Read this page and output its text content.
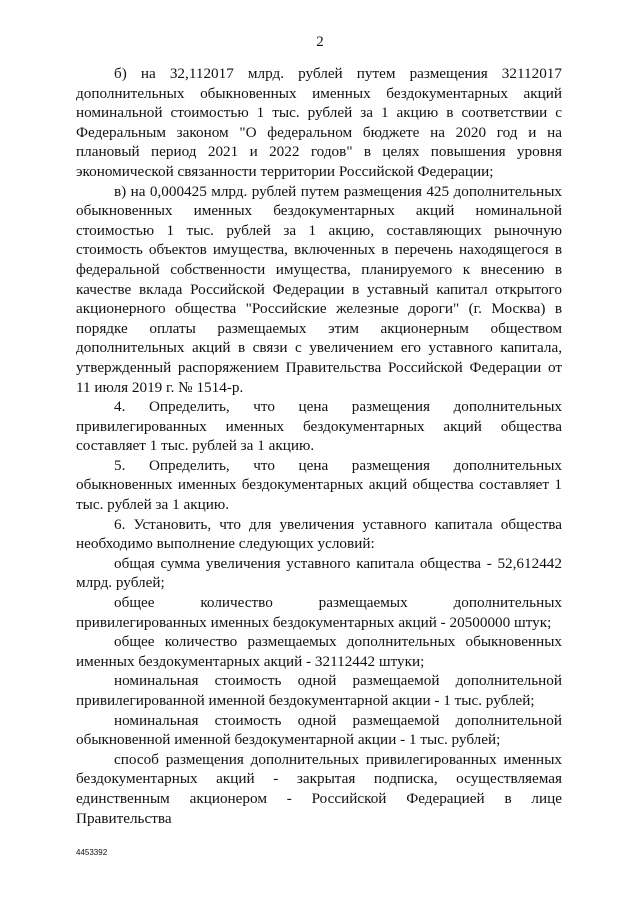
2

б) на 32,112017 млрд. рублей путем размещения 32112017 дополнительных обыкновенных именных бездокументарных акций номинальной стоимостью 1 тыс. рублей за 1 акцию в соответствии с Федеральным законом "О федеральном бюджете на 2020 год и на плановый период 2021 и 2022 годов" в целях повышения уровня экономической связанности территории Российской Федерации;

в) на 0,000425 млрд. рублей путем размещения 425 дополнительных обыкновенных именных бездокументарных акций номинальной стоимостью 1 тыс. рублей за 1 акцию, составляющих рыночную стоимость объектов имущества, включенных в перечень находящегося в федеральной собственности имущества, планируемого к внесению в качестве вклада Российской Федерации в уставный капитал открытого акционерного общества "Российские железные дороги" (г. Москва) в порядке оплаты размещаемых этим акционерным обществом дополнительных акций в связи с увеличением его уставного капитала, утвержденный распоряжением Правительства Российской Федерации от 11 июля 2019 г. № 1514-р.

4. Определить, что цена размещения дополнительных привилегированных именных бездокументарных акций общества составляет 1 тыс. рублей за 1 акцию.

5. Определить, что цена размещения дополнительных обыкновенных именных бездокументарных акций общества составляет 1 тыс. рублей за 1 акцию.

6. Установить, что для увеличения уставного капитала общества необходимо выполнение следующих условий:

общая сумма увеличения уставного капитала общества - 52,612442 млрд. рублей;

общее количество размещаемых дополнительных привилегированных именных бездокументарных акций - 20500000 штук;

общее количество размещаемых дополнительных обыкновенных именных бездокументарных акций - 32112442 штуки;

номинальная стоимость одной размещаемой дополнительной привилегированной именной бездокументарной акции - 1 тыс. рублей;

номинальная стоимость одной размещаемой дополнительной обыкновенной именной бездокументарной акции - 1 тыс. рублей;

способ размещения дополнительных привилегированных именных бездокументарных акций - закрытая подписка, осуществляемая единственным акционером - Российской Федерацией в лице Правительства

4453392
